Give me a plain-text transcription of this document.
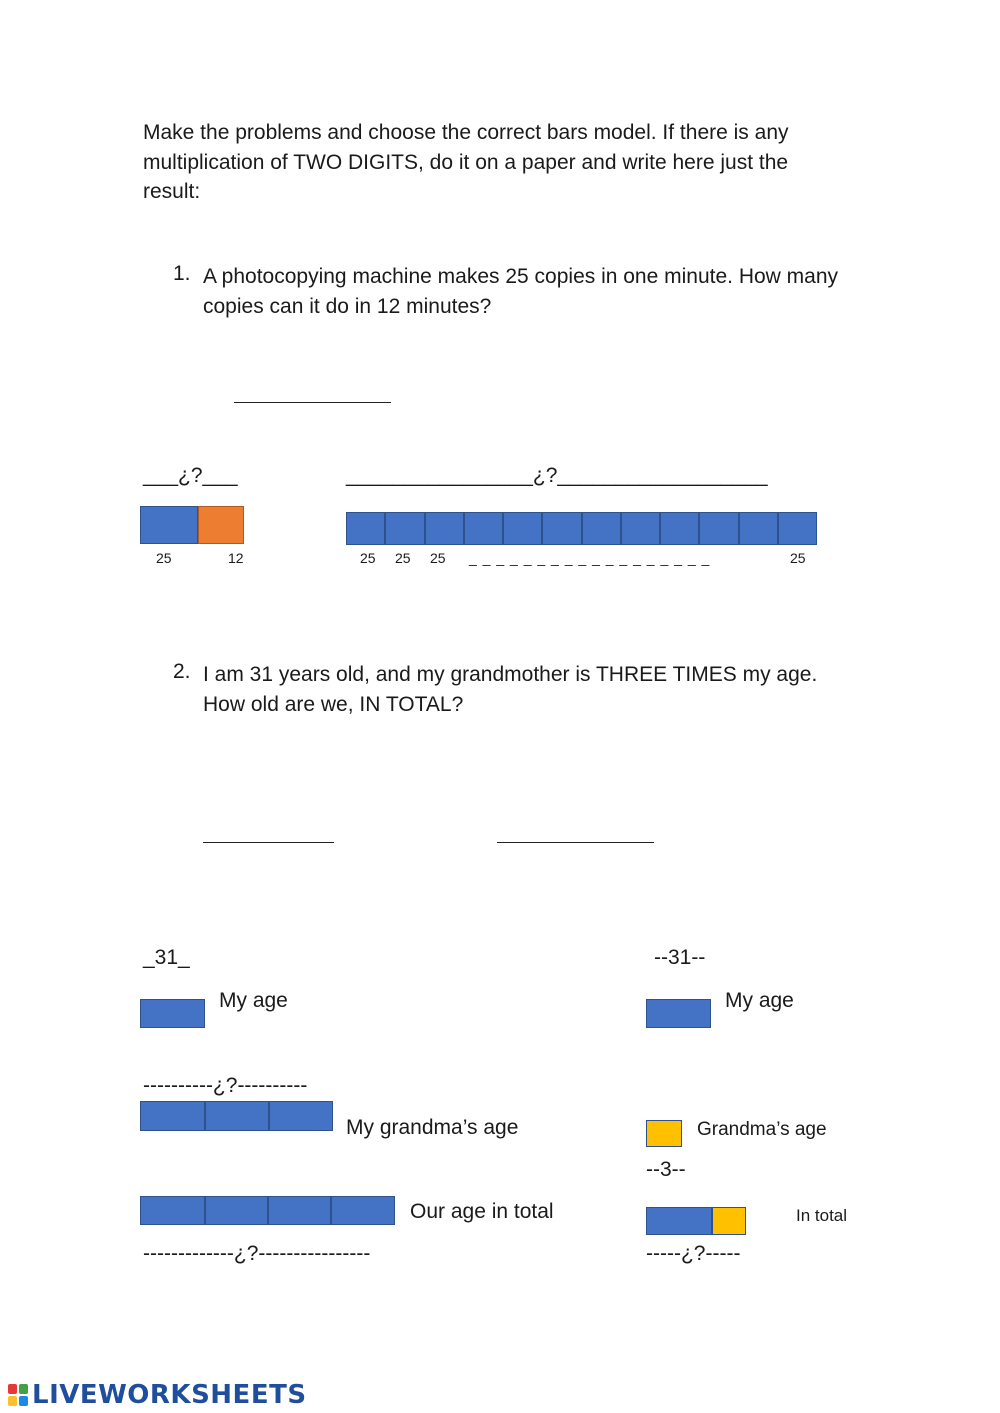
Make the problems and choose the correct bars model. If there is any multiplication of TWO DIGITS, do it on a paper and write here just the result:
1. A photocopying machine makes 25 copies in one minute. How many copies can it do in 12 minutes?
___¿?___
25	12
________________¿?__________________
25 25 25 _ _ _ _ _ _ _ _ _ _ _ _ _ _ _ _ _ _	25
2. I am 31 years old, and my grandmother is THREE TIMES my age. How old are we, IN TOTAL?
_31_
My age
----------¿?----------
My grandma’s age
Our age in total
-------------¿?----------------
--31--
My age
Grandma’s age
--3--
In total
-----¿?-----
LIVEWORKSHEETS
